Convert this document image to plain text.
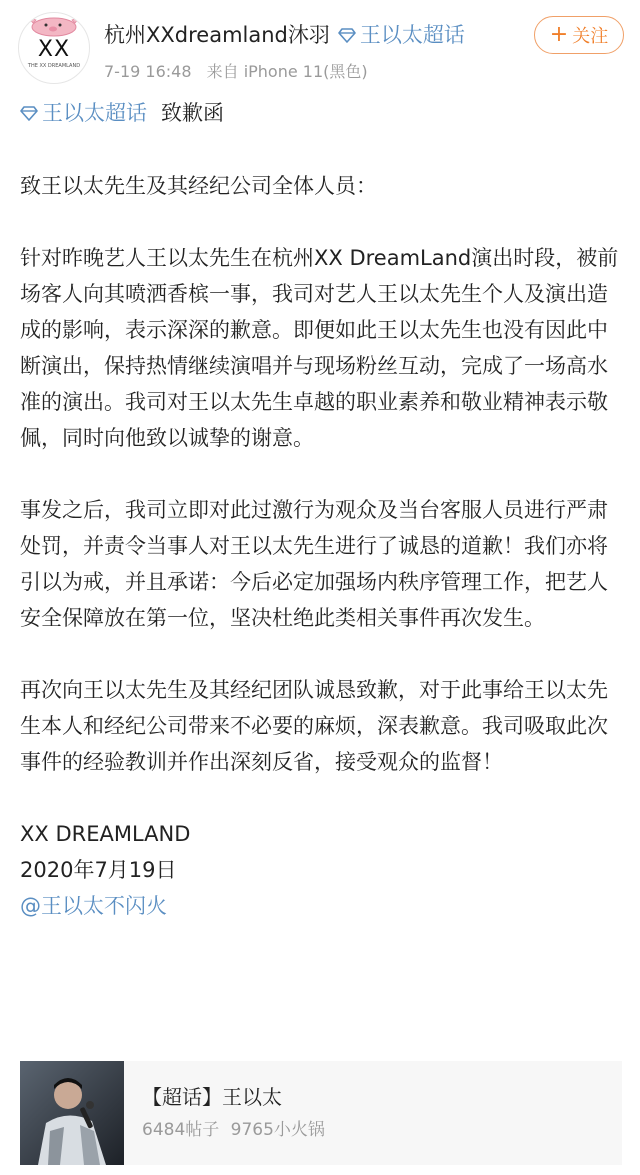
XX
THE XX DREAMLAND
杭州XXdreamland沐羽 王以太超话
7-19 16:48 来自 iPhone 11(黑色)
+ 关注
王以太超话 致歉函

致王以太先生及其经纪公司全体人员：

针对昨晚艺人王以太先生在杭州XX DreamLand演出时段，被前场客人向其喷洒香槟一事，我司对艺人王以太先生个人及演出造成的影响，表示深深的歉意。即便如此王以太先生也没有因此中断演出，保持热情继续演唱并与现场粉丝互动，完成了一场高水准的演出。我司对王以太先生卓越的职业素养和敬业精神表示敬佩，同时向他致以诚挚的谢意。

事发之后，我司立即对此过激行为观众及当台客服人员进行严肃处罚，并责令当事人对王以太先生进行了诚恳的道歉！我们亦将引以为戒，并且承诺：今后必定加强场内秩序管理工作，把艺人安全保障放在第一位，坚决杜绝此类相关事件再次发生。

再次向王以太先生及其经纪团队诚恳致歉，对于此事给王以太先生本人和经纪公司带来不必要的麻烦，深表歉意。我司吸取此次事件的经验教训并作出深刻反省，接受观众的监督！

XX DREAMLAND

2020年7月19日

@王以太不闪火

【超话】王以太
6484帖子 9765小火锅
